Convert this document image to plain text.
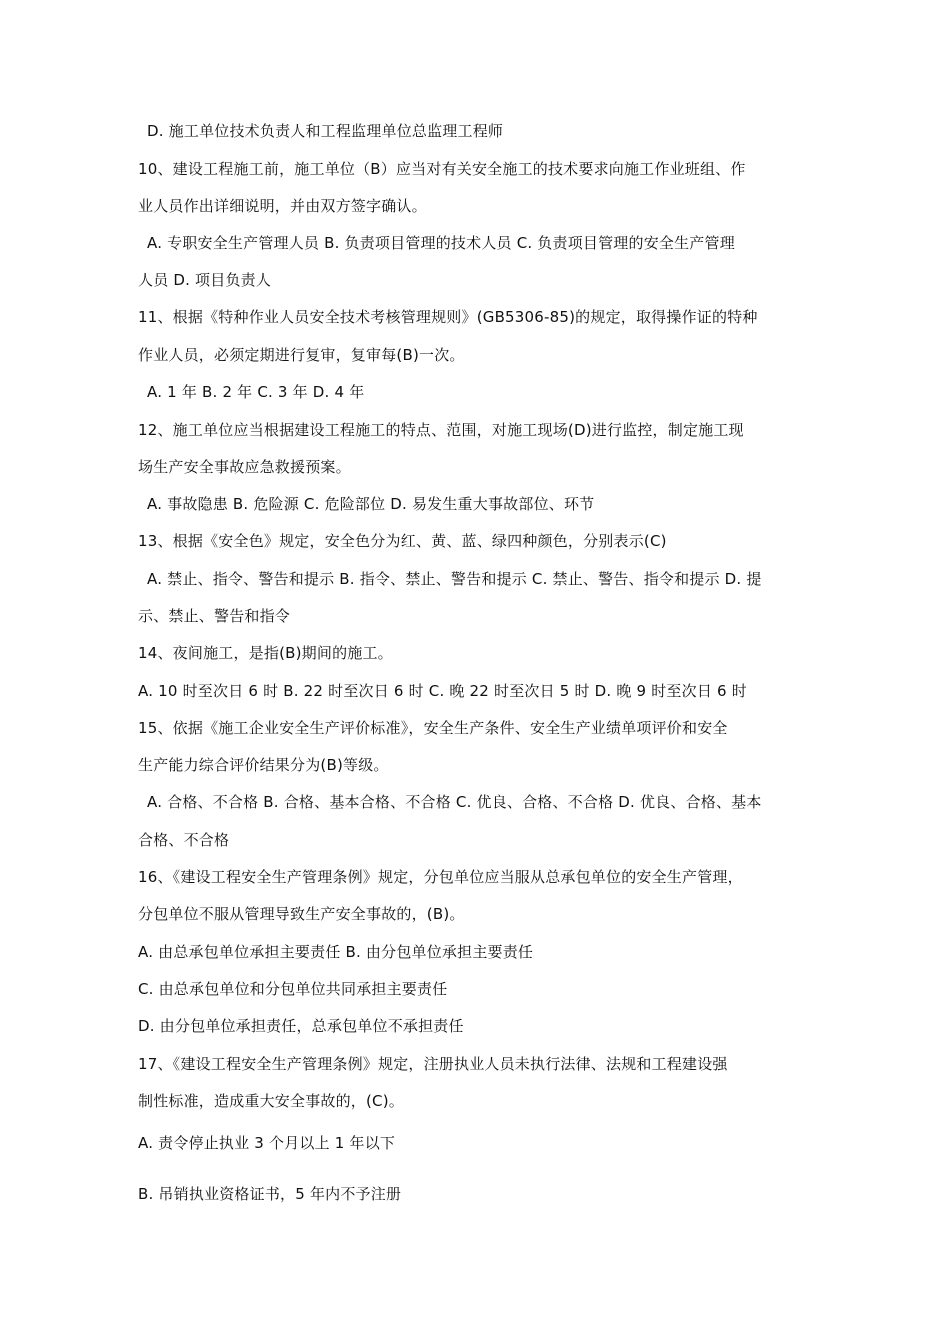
D. 施工单位技术负责人和工程监理单位总监理工程师
10、建设工程施工前，施工单位（B）应当对有关安全施工的技术要求向施工作业班组、作
业人员作出详细说明，并由双方签字确认。
A. 专职安全生产管理人员 B. 负责项目管理的技术人员 C. 负责项目管理的安全生产管理
人员 D. 项目负责人
11、根据《特种作业人员安全技术考核管理规则》(GB5306-85)的规定，取得操作证的特种
作业人员，必须定期进行复审，复审每(B)一次。
A. 1 年 B. 2 年 C. 3 年 D. 4 年
12、施工单位应当根据建设工程施工的特点、范围，对施工现场(D)进行监控，制定施工现
场生产安全事故应急救援预案。
A. 事故隐患 B. 危险源 C. 危险部位 D. 易发生重大事故部位、环节
13、根据《安全色》规定，安全色分为红、黄、蓝、绿四种颜色，分别表示(C)
A. 禁止、指令、警告和提示 B. 指令、禁止、警告和提示 C. 禁止、警告、指令和提示 D. 提
示、禁止、警告和指令
14、夜间施工，是指(B)期间的施工。
A. 10 时至次日 6 时 B. 22 时至次日 6 时 C. 晚 22 时至次日 5 时 D. 晚 9 时至次日 6 时
15、依据《施工企业安全生产评价标准》，安全生产条件、安全生产业绩单项评价和安全
生产能力综合评价结果分为(B)等级。
A. 合格、不合格 B. 合格、基本合格、不合格 C. 优良、合格、不合格 D. 优良、合格、基本
合格、不合格
16、《建设工程安全生产管理条例》规定，分包单位应当服从总承包单位的安全生产管理，
分包单位不服从管理导致生产安全事故的，(B)。
A. 由总承包单位承担主要责任 B. 由分包单位承担主要责任
C. 由总承包单位和分包单位共同承担主要责任
D. 由分包单位承担责任，总承包单位不承担责任
17、《建设工程安全生产管理条例》规定，注册执业人员未执行法律、法规和工程建设强
制性标准，造成重大安全事故的，(C)。
A. 责令停止执业 3 个月以上 1 年以下
B. 吊销执业资格证书，5 年内不予注册
